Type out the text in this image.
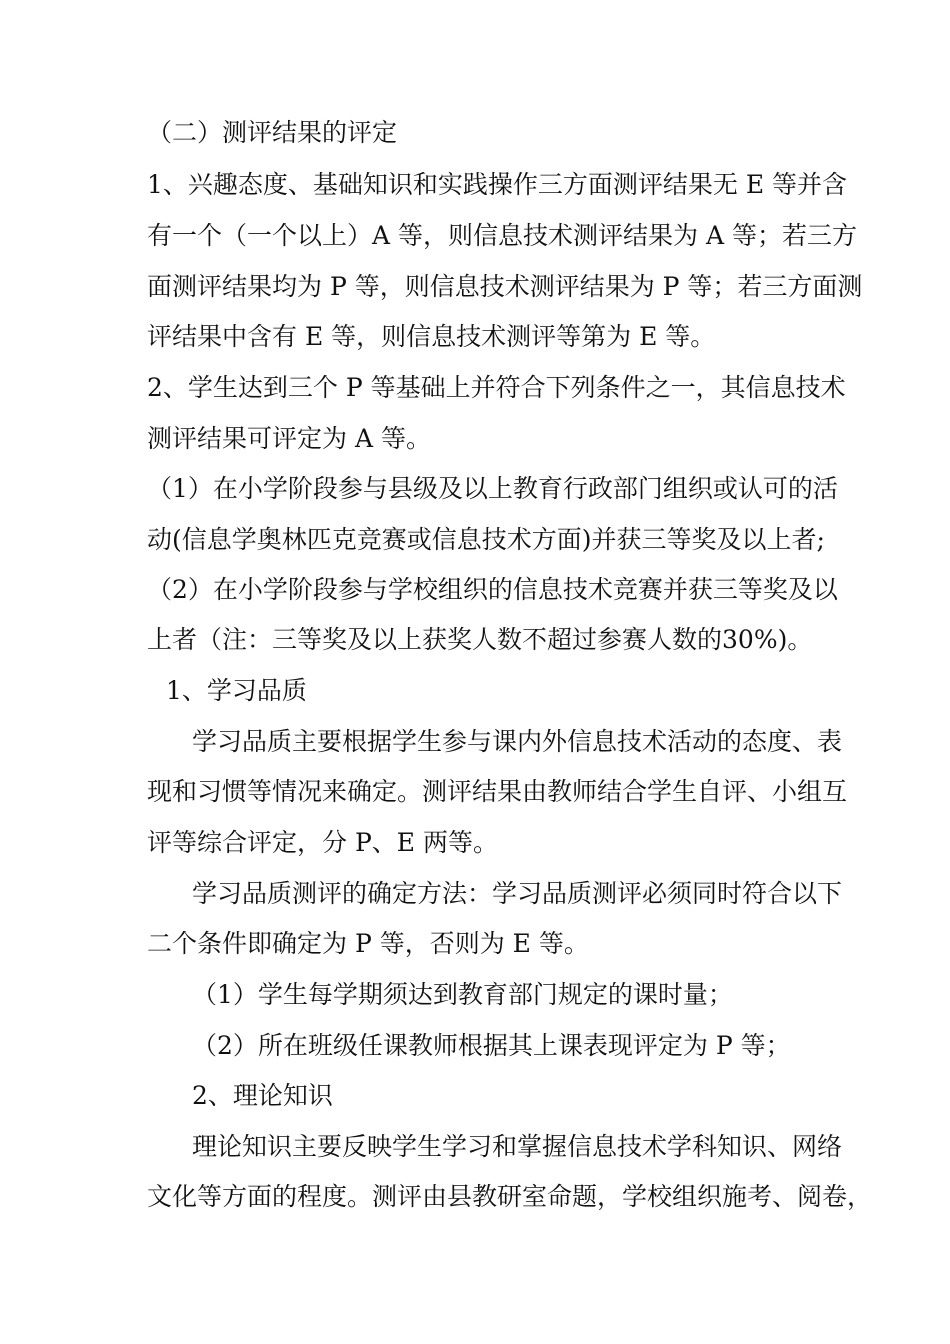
（二）测评结果的评定
1、兴趣态度、基础知识和实践操作三方面测评结果无 E 等并含
有一个（一个以上）A 等，则信息技术测评结果为 A 等；若三方
面测评结果均为 P 等，则信息技术测评结果为 P 等；若三方面测
评结果中含有 E 等，则信息技术测评等第为 E 等。
2、学生达到三个 P 等基础上并符合下列条件之一，其信息技术
测评结果可评定为 A 等。
（1）在小学阶段参与县级及以上教育行政部门组织或认可的活
动(信息学奥林匹克竞赛或信息技术方面)并获三等奖及以上者;
（2）在小学阶段参与学校组织的信息技术竞赛并获三等奖及以
上者（注：三等奖及以上获奖人数不超过参赛人数的30%)。
1、学习品质
学习品质主要根据学生参与课内外信息技术活动的态度、表
现和习惯等情况来确定。测评结果由教师结合学生自评、小组互
评等综合评定，分 P、E 两等。
学习品质测评的确定方法：学习品质测评必须同时符合以下
二个条件即确定为 P 等，否则为 E 等。
（1）学生每学期须达到教育部门规定的课时量；
（2）所在班级任课教师根据其上课表现评定为 P 等；
2、理论知识
理论知识主要反映学生学习和掌握信息技术学科知识、网络
文化等方面的程度。测评由县教研室命题，学校组织施考、阅卷，
